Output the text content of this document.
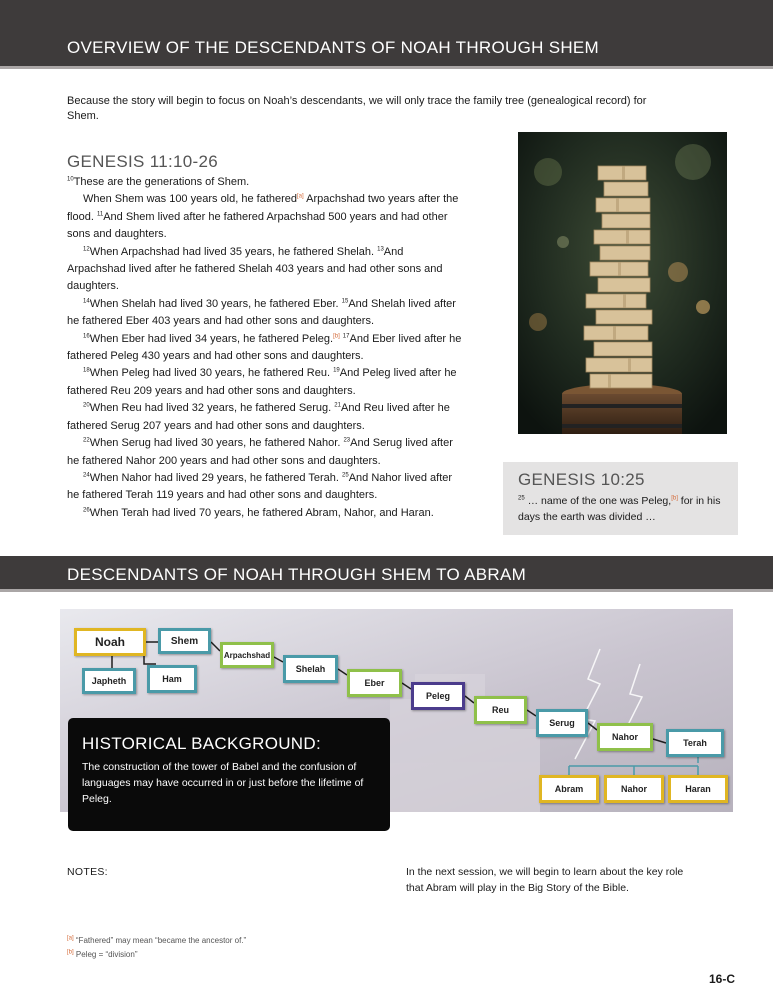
OVERVIEW OF THE DESCENDANTS OF NOAH THROUGH SHEM
Because the story will begin to focus on Noah’s descendants, we will only trace the family tree (genealogical record) for Shem.
GENESIS 11:10-26

$^{10}$These are the generations of Shem.

When Shem was 100 years old, he fathered[a] Arpachshad two years after the flood. $^{11}$And Shem lived after he fathered Arpachshad 500 years and had other sons and daughters.

$^{12}$When Arpachshad had lived 35 years, he fathered Shelah. $^{13}$And Arpachshad lived after he fathered Shelah 403 years and had other sons and daughters.

$^{14}$When Shelah had lived 30 years, he fathered Eber. $^{15}$And Shelah lived after he fathered Eber 403 years and had other sons and daughters.

$^{16}$When Eber had lived 34 years, he fathered Peleg.[b] $^{17}$And Eber lived after he fathered Peleg 430 years and had other sons and daughters.

$^{18}$When Peleg had lived 30 years, he fathered Reu. $^{19}$And Peleg lived after he fathered Reu 209 years and had other sons and daughters.

$^{20}$When Reu had lived 32 years, he fathered Serug. $^{21}$And Reu lived after he fathered Serug 207 years and had other sons and daughters.

$^{22}$When Serug had lived 30 years, he fathered Nahor. $^{23}$And Serug lived after he fathered Nahor 200 years and had other sons and daughters.

$^{24}$When Nahor had lived 29 years, he fathered Terah. $^{25}$And Nahor lived after he fathered Terah 119 years and had other sons and daughters.

$^{26}$When Terah had lived 70 years, he fathered Abram, Nahor, and Haran.

GENESIS 10:25
$^{25}$ … name of the one was Peleg,[b] for in his days the earth was divided …
DESCENDANTS OF NOAH THROUGH SHEM TO ABRAM
Noah	Shem
Japheth	Ham
Arpachshad
Shelah
Eber
Peleg
Reu
Serug
Nahor
Terah
Abram	Nahor	Haran
HISTORICAL BACKGROUND:
The construction of the tower of Babel and the confusion of languages may have occurred in or just before the lifetime of Peleg.
NOTES:	In the next session, we will begin to learn about the key role that Abram will play in the Big Story of the Bible.
[a] “Fathered” may mean “became the ancestor of.”
[b] Peleg = “division”
16-C
